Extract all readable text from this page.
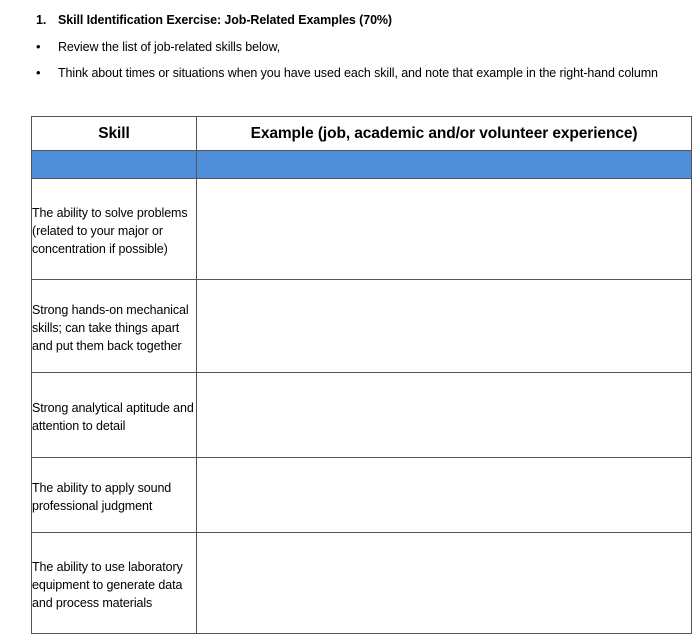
1. Skill Identification Exercise: Job-Related Examples (70%)
• Review the list of job-related skills below,
• Think about times or situations when you have used each skill, and note that example in the right-hand column
Skill	Example (job, academic and/or volunteer experience)

The ability to solve problems (related to your major or concentration if possible)	

Strong hands-on mechanical skills; can take things apart and put them back together	

Strong analytical aptitude and attention to detail	

The ability to apply sound professional judgment	

The ability to use laboratory equipment to generate data and process materials	
